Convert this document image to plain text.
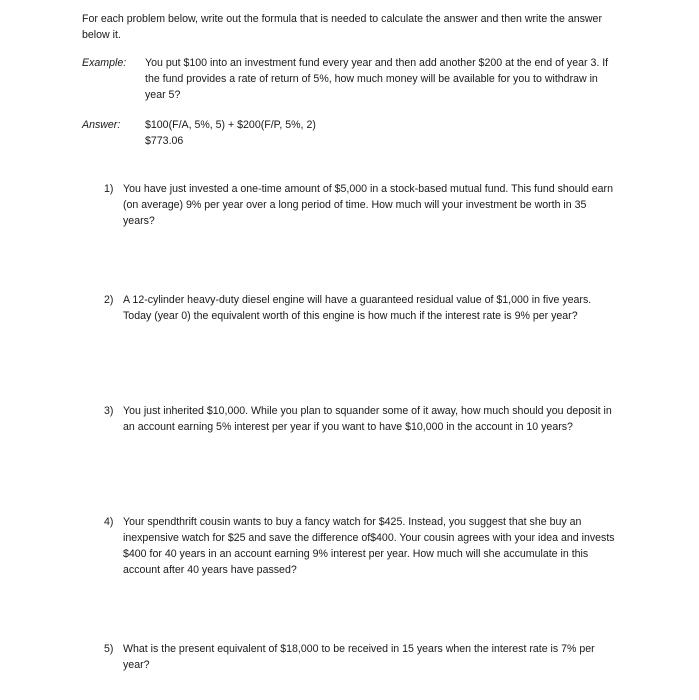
For each problem below, write out the formula that is needed to calculate the answer and then write the answer below it.
Example: You put $100 into an investment fund every year and then add another $200 at the end of year 3. If the fund provides a rate of return of 5%, how much money will be available for you to withdraw in year 5?
Answer: $100(F/A, 5%, 5) + $200(F/P, 5%, 2)
$773.06
1) You have just invested a one-time amount of $5,000 in a stock-based mutual fund. This fund should earn (on average) 9% per year over a long period of time. How much will your investment be worth in 35 years?
2) A 12-cylinder heavy-duty diesel engine will have a guaranteed residual value of $1,000 in five years. Today (year 0) the equivalent worth of this engine is how much if the interest rate is 9% per year?
3) You just inherited $10,000. While you plan to squander some of it away, how much should you deposit in an account earning 5% interest per year if you want to have $10,000 in the account in 10 years?
4) Your spendthrift cousin wants to buy a fancy watch for $425. Instead, you suggest that she buy an inexpensive watch for $25 and save the difference of$400. Your cousin agrees with your idea and invests $400 for 40 years in an account earning 9% interest per year. How much will she accumulate in this account after 40 years have passed?
5) What is the present equivalent of $18,000 to be received in 15 years when the interest rate is 7% per year?
